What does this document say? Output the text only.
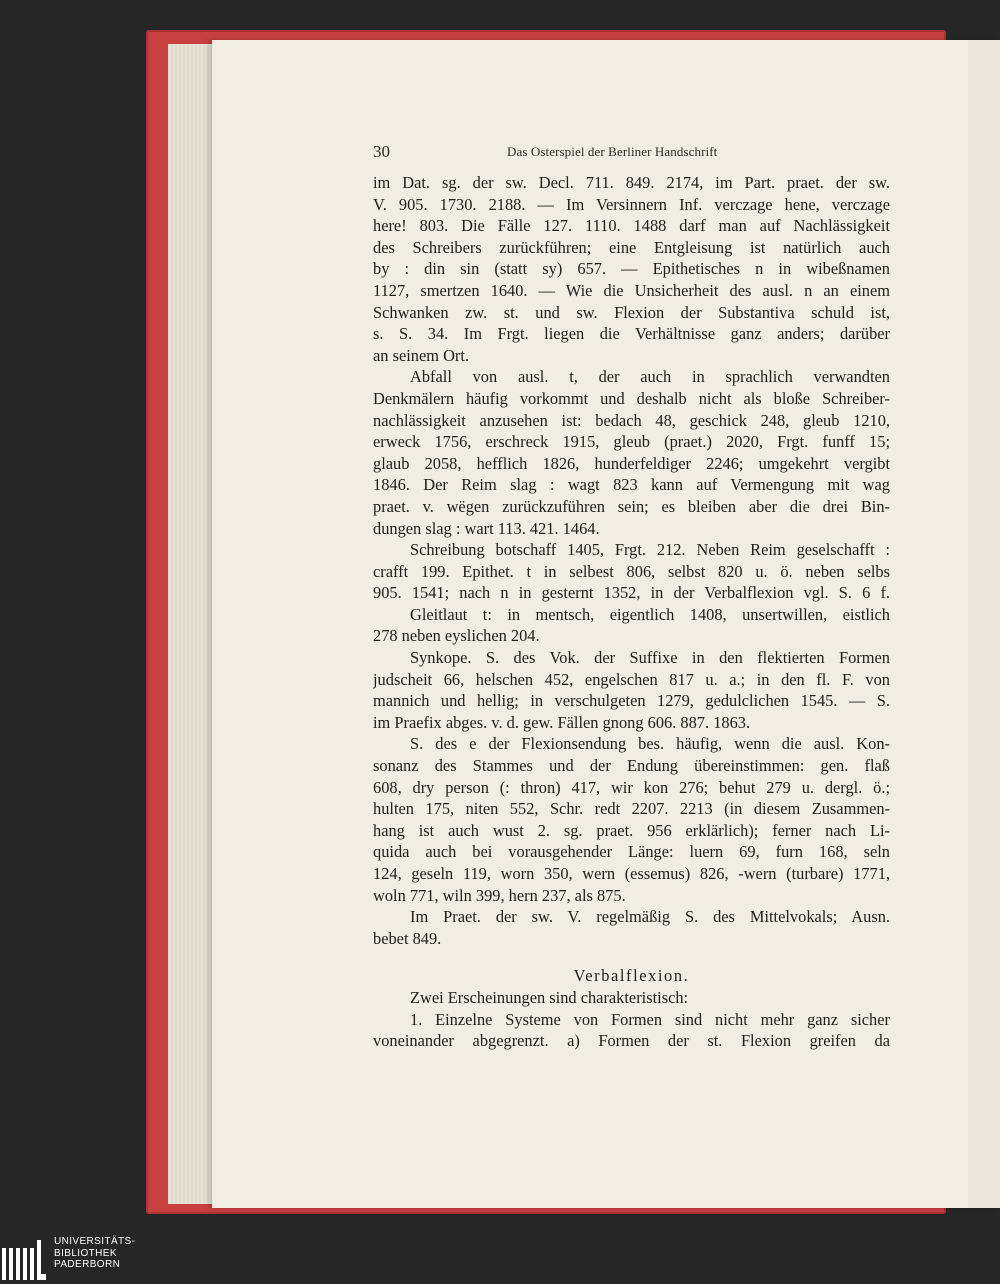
30	Das Osterspiel der Berliner Handschrift
im Dat. sg. der sw. Decl. 711. 849. 2174, im Part. praet. der sw.
V. 905. 1730. 2188. — Im Versinnern Inf. verczage hene, verczage
here! 803. Die Fälle 127. 1110. 1488 darf man auf Nachlässigkeit
des Schreibers zurückführen; eine Entgleisung ist natürlich auch
by : din sin (statt sy) 657. — Epithetisches n in wibeßnamen
1127, smertzen 1640. — Wie die Unsicherheit des ausl. n an einem
Schwanken zw. st. und sw. Flexion der Substantiva schuld ist,
s. S. 34. Im Frgt. liegen die Verhältnisse ganz anders; darüber
an seinem Ort.
Abfall von ausl. t, der auch in sprachlich verwandten
Denkmälern häufig vorkommt und deshalb nicht als bloße Schreiber-
nachlässigkeit anzusehen ist: bedach 48, geschick 248, gleub 1210,
erweck 1756, erschreck 1915, gleub (praet.) 2020, Frgt. funff 15;
glaub 2058, hefflich 1826, hunderfeldiger 2246; umgekehrt vergibt
1846. Der Reim slag : wagt 823 kann auf Vermengung mit wag
praet. v. wëgen zurückzuführen sein; es bleiben aber die drei Bin-
dungen slag : wart 113. 421. 1464.
Schreibung botschaff 1405, Frgt. 212. Neben Reim geselschafft :
crafft 199. Epithet. t in selbest 806, selbst 820 u. ö. neben selbs
905. 1541; nach n in gesternt 1352, in der Verbalflexion vgl. S. 6 f.
Gleitlaut t: in mentsch, eigentlich 1408, unsertwillen, eistlich
278 neben eyslichen 204.
Synkope. S. des Vok. der Suffixe in den flektierten Formen
judscheit 66, helschen 452, engelschen 817 u. a.; in den fl. F. von
mannich und hellig; in verschulgeten 1279, gedulclichen 1545. — S.
im Praefix abges. v. d. gew. Fällen gnong 606. 887. 1863.
S. des e der Flexionsendung bes. häufig, wenn die ausl. Kon-
sonanz des Stammes und der Endung übereinstimmen: gen. flaß
608, dry person (: thron) 417, wir kon 276; behut 279 u. dergl. ö.;
hulten 175, niten 552, Schr. redt 2207. 2213 (in diesem Zusammen-
hang ist auch wust 2. sg. praet. 956 erklärlich); ferner nach Li-
quida auch bei vorausgehender Länge: luern 69, furn 168, seln
124, geseln 119, worn 350, wern (essemus) 826, -wern (turbare) 1771,
woln 771, wiln 399, hern 237, als 875.
Im Praet. der sw. V. regelmäßig S. des Mittelvokals; Ausn.
bebet 849.
Verbalflexion.
Zwei Erscheinungen sind charakteristisch:
1. Einzelne Systeme von Formen sind nicht mehr ganz sicher
voneinander abgegrenzt. a) Formen der st. Flexion greifen da
UNIVERSITÄTS-
BIBLIOTHEK
PADERBORN
